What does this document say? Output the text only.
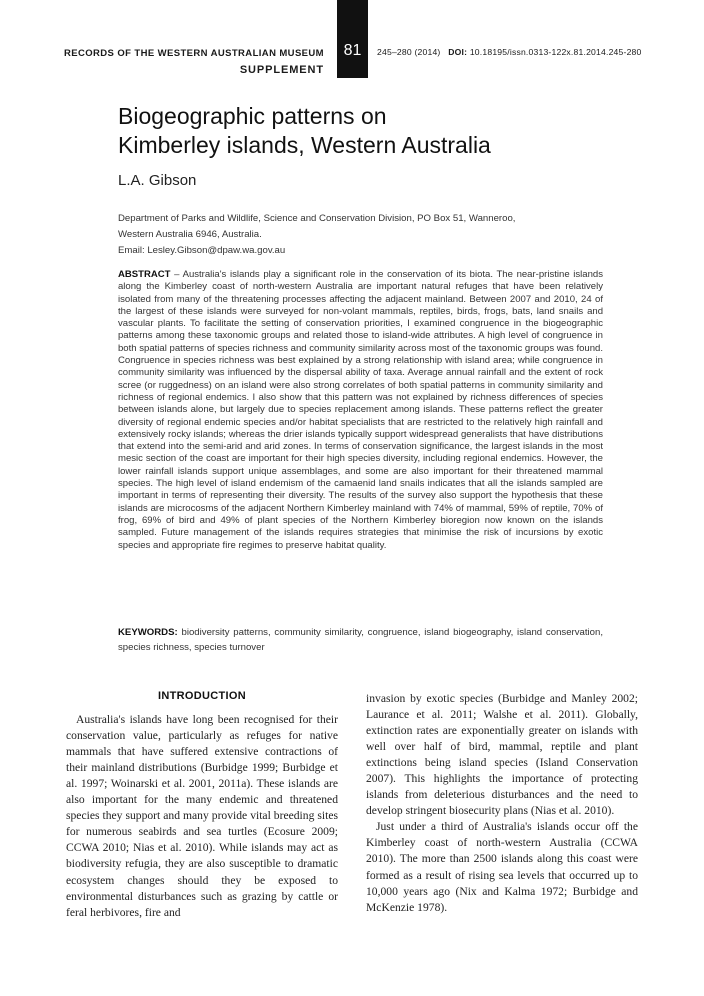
RECORDS OF THE WESTERN AUSTRALIAN MUSEUM
SUPPLEMENT
81	245–280 (2014) DOI: 10.18195/issn.0313-122x.81.2014.245-280
Biogeographic patterns on
Kimberley islands, Western Australia

L.A. Gibson

Department of Parks and Wildlife, Science and Conservation Division, PO Box 51, Wanneroo,
Western Australia 6946, Australia.
Email: Lesley.Gibson@dpaw.wa.gov.au

ABSTRACT – Australia's islands play a significant role in the conservation of its biota. The near-pristine islands along the Kimberley coast of north-western Australia are important natural refuges that have been relatively isolated from many of the threatening processes affecting the adjacent mainland. Between 2007 and 2010, 24 of the largest of these islands were surveyed for non-volant mammals, reptiles, birds, frogs, bats, land snails and vascular plants. To facilitate the setting of conservation priorities, I examined congruence in the biogeographic patterns among these taxonomic groups and related those to island-wide attributes. A high level of congruence in both spatial patterns of species richness and community similarity across most of the taxonomic groups was found. Congruence in species richness was best explained by a strong relationship with island area; while congruence in community similarity was influenced by the dispersal ability of taxa. Average annual rainfall and the extent of rock scree (or ruggedness) on an island were also strong correlates of both spatial patterns in community similarity and richness of regional endemics. I also show that this pattern was not explained by richness differences of species between islands alone, but largely due to species replacement among islands. These patterns reflect the greater diversity of regional endemic species and/or habitat specialists that are restricted to the relatively high rainfall and extensively rocky islands; whereas the drier islands typically support widespread generalists that have distributions that extend into the semi-arid and arid zones. In terms of conservation significance, the largest islands in the most mesic section of the coast are important for their high species diversity, including regional endemics. However, the lower rainfall islands support unique assemblages, and some are also important for their threatened mammal species. The high level of island endemism of the camaenid land snails indicates that all the islands sampled are important in terms of representing their diversity. The results of the survey also support the hypothesis that these islands are microcosms of the adjacent Northern Kimberley mainland with 74% of mammal, 59% of reptile, 70% of frog, 69% of bird and 49% of plant species of the Northern Kimberley bioregion now known on the islands sampled. Future management of the islands requires strategies that minimise the risk of incursions by exotic species and appropriate fire regimes to preserve habitat quality.

KEYWORDS: biodiversity patterns, community similarity, congruence, island biogeography, island conservation, species richness, species turnover

INTRODUCTION

Australia's islands have long been recognised for their conservation value, particularly as refuges for native mammals that have suffered extensive contractions of their mainland distributions (Burbidge 1999; Burbidge et al. 1997; Woinarski et al. 2001, 2011a). These islands are also important for the many endemic and threatened species they support and many provide vital breeding sites for numerous seabirds and sea turtles (Ecosure 2009; CCWA 2010; Nias et al. 2010). While islands may act as biodiversity refugia, they are also susceptible to dramatic ecosystem changes should they be exposed to environmental disturbances such as grazing by cattle or feral herbivores, fire and

invasion by exotic species (Burbidge and Manley 2002; Laurance et al. 2011; Walshe et al. 2011). Globally, extinction rates are exponentially greater on islands with well over half of bird, mammal, reptile and plant extinctions being island species (Island Conservation 2007). This highlights the importance of protecting islands from deleterious disturbances and the need to develop stringent biosecurity plans (Nias et al. 2010).

Just under a third of Australia's islands occur off the Kimberley coast of north-western Australia (CCWA 2010). The more than 2500 islands along this coast were formed as a result of rising sea levels that occurred up to 10,000 years ago (Nix and Kalma 1972; Burbidge and McKenzie 1978).
